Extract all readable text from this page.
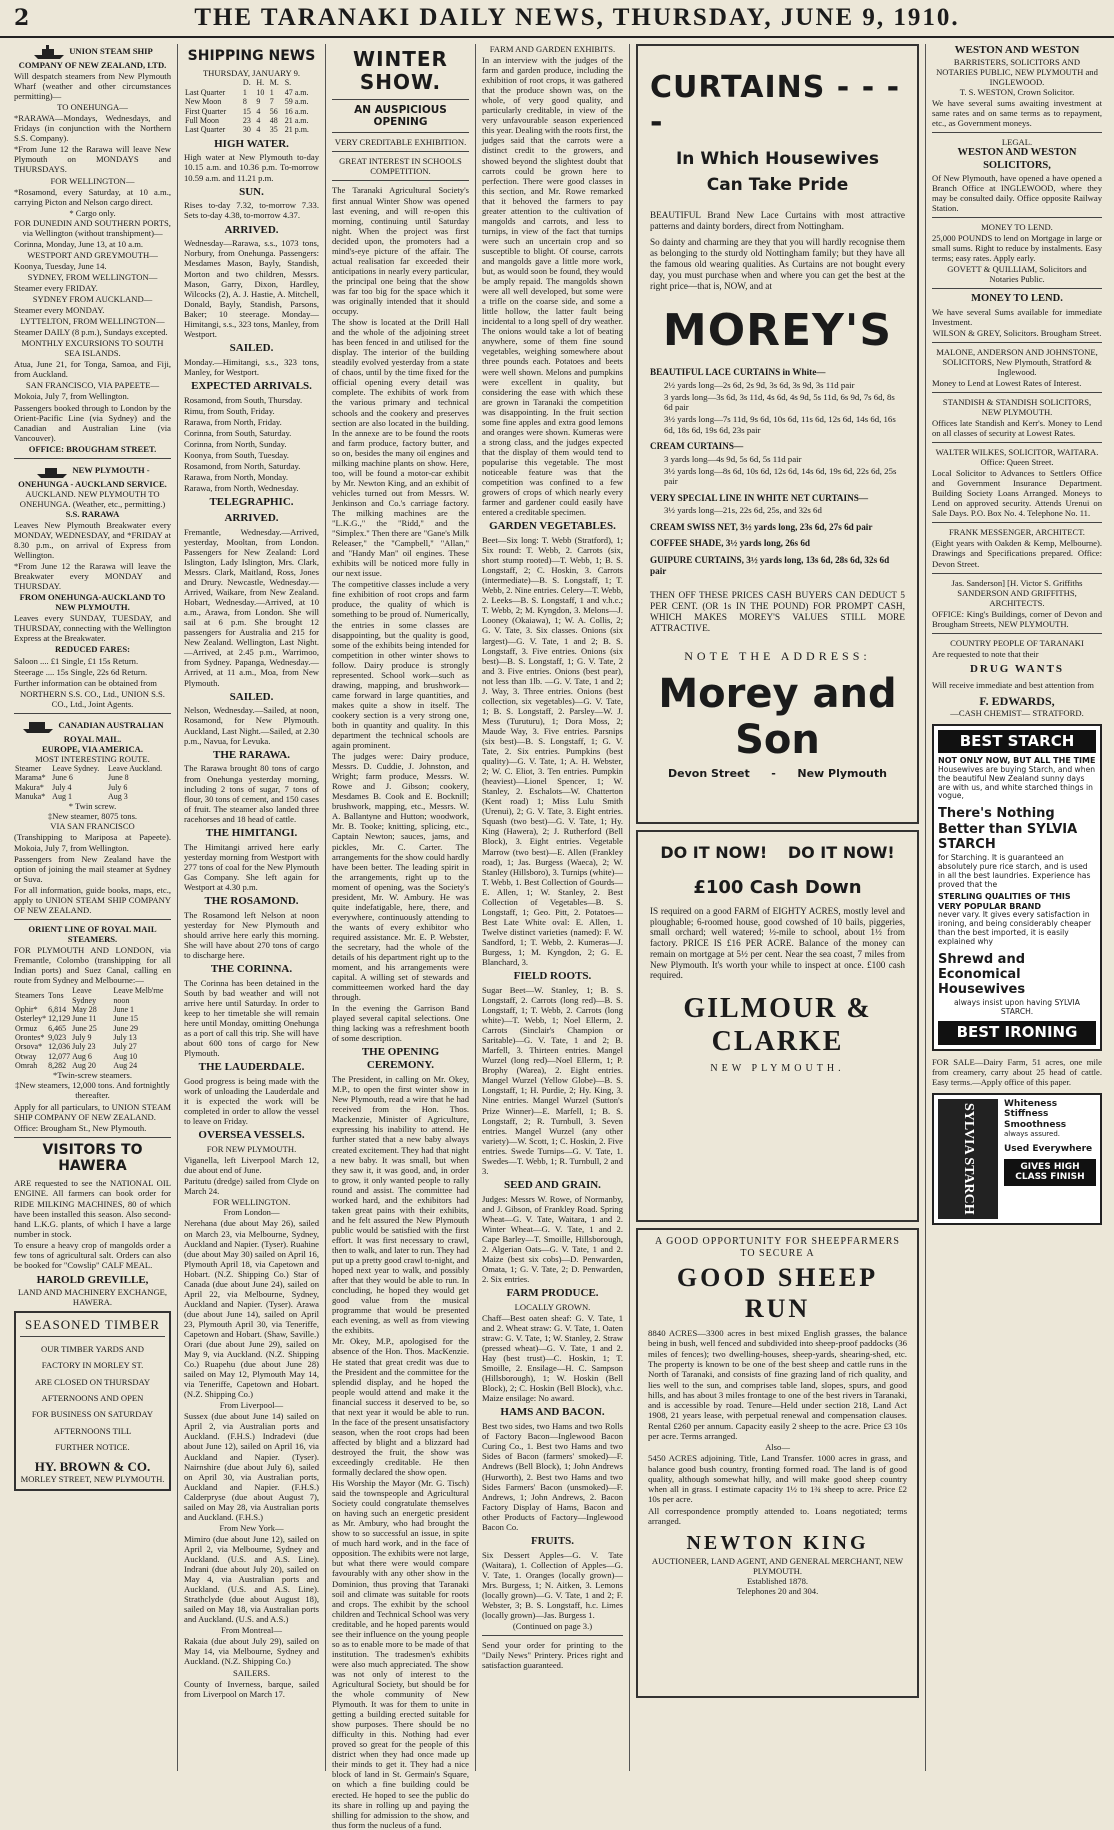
2	THE TARANAKI DAILY NEWS, THURSDAY, JUNE 9, 1910.
UNION STEAM SHIP COMPANY OF NEW ZEALAND, LTD.

Will despatch steamers from New Plymouth Wharf (weather and other circumstances permitting)—

TO ONEHUNGA—

*RARAWA—Mondays, Wednesdays, and Fridays (in conjunction with the Northern S.S. Company).

*From June 12 the Rarawa will leave New Plymouth on MONDAYS and THURSDAYS.

FOR WELLINGTON—

*Rosamond, every Saturday, at 10 a.m., carrying Picton and Nelson cargo direct.

* Cargo only.
FOR DUNEDIN AND SOUTHERN PORTS, via Wellington (without transhipment)—

Corinna, Monday, June 13, at 10 a.m.

WESTPORT AND GREYMOUTH—

Koonya, Tuesday, June 14.

SYDNEY, FROM WELLINGTON—

Steamer every FRIDAY.

SYDNEY FROM AUCKLAND—

Steamer every MONDAY.

LYTTELTON, FROM WELLINGTON—

Steamer DAILY (8 p.m.), Sundays excepted.

MONTHLY EXCURSIONS TO SOUTH SEA ISLANDS.

Atua, June 21, for Tonga, Samoa, and Fiji, from Auckland.

SAN FRANCISCO, VIA PAPEETE—

Mokoia, July 7, from Wellington.

Passengers booked through to London by the Orient-Pacific Line (via Sydney) and the Canadian and Australian Line (via Vancouver).

OFFICE: BROUGHAM STREET.
NEW PLYMOUTH - ONEHUNGA - AUCKLAND SERVICE.
AUCKLAND. NEW PLYMOUTH TO ONEHUNGA. (Weather, etc., permitting.)
S.S. RARAWA

Leaves New Plymouth Breakwater every MONDAY, WEDNESDAY, and *FRIDAY at 8.30 p.m., on arrival of Express from Wellington.

*From June 12 the Rarawa will leave the Breakwater every MONDAY and THURSDAY.

FROM ONEHUNGA-AUCKLAND TO NEW PLYMOUTH.

Leaves every SUNDAY, TUESDAY, and THURSDAY, connecting with the Wellington Express at the Breakwater.

REDUCED FARES:

Saloon .... £1 Single, £1 15s Return.

Steerage .... 15s Single, 22s 6d Return.

Further information can be obtained from

NORTHERN S.S. CO., Ltd., UNION S.S. CO., Ltd., Joint Agents.
CANADIAN AUSTRALIAN ROYAL MAIL.
EUROPE, VIA AMERICA.
MOST INTERESTING ROUTE.
Steamer	Leave Sydney.	Leave Auckland.
Marama*	June 6	June 8
Makura*	July 4	July 6
Manuka*	Aug 1	Aug 3
* Twin screw.
‡New steamer, 8075 tons.
VIA SAN FRANCISCO

(Transhipping to Mariposa at Papeete). Mokoia, July 7, from Wellington.

Passengers from New Zealand have the option of joining the mail steamer at Sydney or Suva.

For all information, guide books, maps, etc., apply to UNION STEAM SHIP COMPANY OF NEW ZEALAND.

ORIENT LINE OF ROYAL MAIL STEAMERS.

FOR PLYMOUTH AND LONDON, via Fremantle, Colombo (transhipping for all Indian ports) and Suez Canal, calling en route from Sydney and Melbourne:—

Steamers	Tons	Leave Sydney	Leave Melb'rne noon
Ophir*	6,814	May 28	June 1
Osterley*	12,129	June 11	June 15
Ormuz	6,465	June 25	June 29
Orontes*	9,023	July 9	July 13
Orsova*	12,036	July 23	July 27
Otway	12,077	Aug 6	Aug 10
Omrah	8,282	Aug 20	Aug 24
*Twin-screw steamers.
‡New steamers, 12,000 tons. And fortnightly thereafter.

Apply for all particulars, to UNION STEAM SHIP COMPANY OF NEW ZEALAND.

Office: Brougham St., New Plymouth.

VISITORS TO HAWERA

ARE requested to see the NATIONAL OIL ENGINE. All farmers can book order for RIDE MILKING MACHINES, 80 of which have been installed this season. Also second-hand L.K.G. plants, of which I have a large number in stock.

To ensure a heavy crop of mangolds order a few tons of agricultural salt. Orders can also be booked for "Cowslip" CALF MEAL.

HAROLD GREVILLE,
LAND AND MACHINERY EXCHANGE, HAWERA.
SEASONED TIMBER
OUR TIMBER YARDS AND
FACTORY IN MORLEY ST.
ARE CLOSED ON THURSDAY
AFTERNOONS AND OPEN
FOR BUSINESS ON SATURDAY AFTERNOONS TILL
FURTHER NOTICE.
HY. BROWN & CO.
MORLEY STREET, NEW PLYMOUTH.
SHIPPING NEWS
THURSDAY, JANUARY 9.
	D.	H.	M.	S.
Last Quarter	1	10	1	47 a.m.
New Moon	8	9	7	59 a.m.
First Quarter	15	4	56	16 a.m.
Full Moon	23	4	48	21 a.m.
Last Quarter	30	4	35	21 p.m.
HIGH WATER.

High water at New Plymouth to-day 10.15 a.m. and 10.36 p.m. To-morrow 10.59 a.m. and 11.21 p.m.

SUN.

Rises to-day 7.32, to-morrow 7.33. Sets to-day 4.38, to-morrow 4.37.

ARRIVED.

Wednesday—Rarawa, s.s., 1073 tons, Norbury, from Onehunga. Passengers: Mesdames Mason, Bayly, Standish, Morton and two children, Messrs. Mason, Garry, Dixon, Hardley, Wilcocks (2), A. J. Hastie, A. Mitchell, Donald, Bayly, Standish, Parsons, Baker; 10 steerage. Monday—Himitangi, s.s., 323 tons, Manley, from Westport.

SAILED.

Monday.—Himitangi, s.s., 323 tons, Manley, for Westport.

EXPECTED ARRIVALS.

Rosamond, from South, Thursday.

Rimu, from South, Friday.

Rarawa, from North, Friday.

Corinna, from South, Saturday.

Corinna, from North, Sunday.

Koonya, from South, Tuesday.

Rosamond, from North, Saturday.

Rarawa, from North, Monday.

Rarawa, from North, Wednesday.

TELEGRAPHIC.
ARRIVED.

Fremantle, Wednesday.—Arrived, yesterday, Mooltan, from London. Passengers for New Zealand: Lord Islington, Lady Islington, Mrs. Clark, Messrs. Clark, Maitland, Ross, Jones and Drury. Newcastle, Wednesday.—Arrived, Waikare, from New Zealand. Hobart, Wednesday.—Arrived, at 10 a.m., Arawa, from London. She will sail at 6 p.m. She brought 12 passengers for Australia and 215 for New Zealand. Wellington, Last Night.—Arrived, at 2.45 p.m., Warrimoo, from Sydney. Papanga, Wednesday.—Arrived, at 11 a.m., Moa, from New Plymouth.

SAILED.

Nelson, Wednesday.—Sailed, at noon, Rosamond, for New Plymouth. Auckland, Last Night.—Sailed, at 2.30 p.m., Navua, for Levuka.

THE RARAWA.

The Rarawa brought 80 tons of cargo from Onehunga yesterday morning, including 2 tons of sugar, 7 tons of flour, 30 tons of cement, and 150 cases of fruit. The steamer also landed three racehorses and 18 head of cattle.

THE HIMITANGI.

The Himitangi arrived here early yesterday morning from Westport with 277 tons of coal for the New Plymouth Gas Company. She left again for Westport at 4.30 p.m.

THE ROSAMOND.

The Rosamond left Nelson at noon yesterday for New Plymouth and should arrive here early this morning. She will have about 270 tons of cargo to discharge here.

THE CORINNA.

The Corinna has been detained in the South by bad weather and will not arrive here until Saturday. In order to keep to her timetable she will remain here until Monday, omitting Onehunga as a port of call this trip. She will have about 600 tons of cargo for New Plymouth.

THE LAUDERDALE.

Good progress is being made with the work of unloading the Lauderdale and it is expected the work will be completed in order to allow the vessel to leave on Friday.

OVERSEA VESSELS.
FOR NEW PLYMOUTH.

Viganella, left Liverpool March 12, due about end of June.

Paritutu (dredge) sailed from Clyde on March 24.

FOR WELLINGTON.
From London—

Nerehana (due about May 26), sailed on March 23, via Melbourne, Sydney, Auckland and Napier. (Tyser). Ruahine (due about May 30) sailed on April 16, Plymouth April 18, via Capetown and Hobart. (N.Z. Shipping Co.) Star of Canada (due about June 24), sailed on April 22, via Melbourne, Sydney, Auckland and Napier. (Tyser). Arawa (due about June 14), sailed on April 23, Plymouth April 30, via Teneriffe, Capetown and Hobart. (Shaw, Saville.) Orari (due about June 29), sailed on May 9, via Auckland. (N.Z. Shipping Co.) Ruapehu (due about June 28) sailed on May 12, Plymouth May 14, via Teneriffe, Capetown and Hobart. (N.Z. Shipping Co.)

From Liverpool—

Sussex (due about June 14) sailed on April 2, via Australian ports and Auckland. (F.H.S.) Indradevi (due about June 12), sailed on April 16, via Auckland and Napier. (Tyser). Nairnshire (due about July 6), sailed on April 30, via Australian ports, Auckland and Napier. (F.H.S.) Calderpryse (due about August 7), sailed on May 28, via Australian ports and Auckland. (F.H.S.)

From New York—

Mimiro (due about June 12), sailed on April 2, via Melbourne, Sydney and Auckland. (U.S. and A.S. Line). Indrani (due about July 20), sailed on May 4, via Australian ports and Auckland. (U.S. and A.S. Line). Strathclyde (due about August 18), sailed on May 18, via Australian ports and Auckland. (U.S. and A.S.)

From Montreal—

Rakaia (due about July 29), sailed on May 14, via Melbourne, Sydney and Auckland. (N.Z. Shipping Co.)

SAILERS.

County of Inverness, barque, sailed from Liverpool on March 17.

WINTER SHOW.
AN AUSPICIOUS OPENING
VERY CREDITABLE EXHIBITION.
GREAT INTEREST IN SCHOOLS COMPETITION.

The Taranaki Agricultural Society's first annual Winter Show was opened last evening, and will re-open this morning, continuing until Saturday night. When the project was first decided upon, the promoters had a mind's-eye picture of the affair. The actual realisation far exceeded their anticipations in nearly every particular, the principal one being that the show was far too big for the space which it was originally intended that it should occupy.

The show is located at the Drill Hall and the whole of the adjoining street has been fenced in and utilised for the display. The interior of the building steadily evolved yesterday from a state of chaos, until by the time fixed for the official opening every detail was complete. The exhibits of work from the various primary and technical schools and the cookery and preserves section are also located in the building. In the annexe are to be found the roots and farm produce, factory butter, and so on, besides the many oil engines and milking machine plants on show. Here, too, will be found a motor-car exhibit by Mr. Newton King, and an exhibit of vehicles turned out from Messrs. W. Jenkinson and Co.'s carriage factory. The milking machines are the "L.K.G.," the "Ridd," and the "Simplex." Then there are "Gane's Milk Releaser," the "Campbell," "Allan," and "Handy Man" oil engines. These exhibits will be noticed more fully in our next issue.

The competitive classes include a very fine exhibition of root crops and farm produce, the quality of which is something to be proud of. Numerically, the entries in some classes are disappointing, but the quality is good, some of the exhibits being intended for competition in other winter shows to follow. Dairy produce is strongly represented. School work—such as drawing, mapping, and brushwork—came forward in large quantities, and makes quite a show in itself. The cookery section is a very strong one, both in quantity and quality. In this department the technical schools are again prominent.

The judges were: Dairy produce, Messrs. D. Cuddie, J. Johnston, and Wright; farm produce, Messrs. W. Rowe and J. Gibson; cookery, Mesdames B. Cook and E. Bocknill; brushwork, mapping, etc., Messrs. W. A. Ballantyne and Hutton; woodwork, Mr. B. Tooke; knitting, splicing, etc., Captain Newton; sauces, jams, and pickles, Mr. C. Carter. The arrangements for the show could hardly have been better. The leading spirit in the arrangements, right up to the moment of opening, was the Society's president, Mr. W. Ambury. He was quite indefatigable, here, there, and everywhere, continuously attending to the wants of every exhibitor who required assistance. Mr. E. P. Webster, the secretary, had the whole of the details of his department right up to the moment, and his arrangements were capital. A willing set of stewards and committeemen worked hard the day through.

In the evening the Garrison Band played several capital selections. One thing lacking was a refreshment booth of some description.

THE OPENING CEREMONY.

The President, in calling on Mr. Okey, M.P., to open the first winter show in New Plymouth, read a wire that he had received from the Hon. Thos. Mackenzie, Minister of Agriculture, expressing his inability to attend. He further stated that a new baby always created excitement. They had that night a new baby. It was small, but when they saw it, it was good, and, in order to grow, it only wanted people to rally round and assist. The committee had worked hard, and the exhibitors had taken great pains with their exhibits, and he felt assured the New Plymouth public would be satisfied with the first effort. It was first necessary to crawl, then to walk, and later to run. They had put up a pretty good crawl to-night, and hoped next year to walk, and possibly after that they would be able to run. In concluding, he hoped they would get good value from the musical programme that would be presented each evening, as well as from viewing the exhibits.

Mr. Okey, M.P., apologised for the absence of the Hon. Thos. MacKenzie. He stated that great credit was due to the President and the committee for the splendid display, and he hoped the people would attend and make it the financial success it deserved to be, so that next year it would be able to run. In the face of the present unsatisfactory season, when the root crops had been affected by blight and a blizzard had destroyed the fruit, the show was exceedingly creditable. He then formally declared the show open.

His Worship the Mayor (Mr. G. Tisch) said the townspeople and Agricultural Society could congratulate themselves on having such an energetic president as Mr. Ambury, who had brought the show to so successful an issue, in spite of much hard work, and in the face of opposition. The exhibits were not large, but what there were would compare favourably with any other show in the Dominion, thus proving that Taranaki soil and climate was suitable for roots and crops. The exhibit by the school children and Technical School was very creditable, and he hoped parents would see their influence on the young people so as to enable more to be made of that institution. The tradesmen's exhibits were also much appreciated. The show was not only of interest to the Agricultural Society, but should be for the whole community of New Plymouth. It was for them to unite in getting a building erected suitable for show purposes. There should be no difficulty in this. Nothing had ever proved so great for the people of this district when they had once made up their minds to get it. They had a nice block of land in St. Germain's Square, on which a fine building could be erected. He hoped to see the public do its share in rolling up and paying the shilling for admission to the show, and thus form the nucleus of a fund.

FARM AND GARDEN EXHIBITS.

In an interview with the judges of the farm and garden produce, including the exhibition of root crops, it was gathered that the produce shown was, on the whole, of very good quality, and particularly creditable, in view of the very unfavourable season experienced this year. Dealing with the roots first, the judges said that the carrots were a distinct credit to the growers, and showed beyond the slightest doubt that carrots could be grown here to perfection. There were good classes in this section, and Mr. Rowe remarked that it behoved the farmers to pay greater attention to the cultivation of mangolds and carrots, and less to turnips, in view of the fact that turnips were such an uncertain crop and so susceptible to blight. Of course, carrots and mangolds gave a little more work, but, as would soon be found, they would be amply repaid. The mangolds shown were all well developed, but some were a trifle on the coarse side, and some a little hollow, the latter fault being incidental to a long spell of dry weather. The onions would take a lot of beating anywhere, some of them fine sound vegetables, weighing somewhere about three pounds each. Potatoes and beets were well shown. Melons and pumpkins were excellent in quality, but considering the ease with which these are grown in Taranaki the competition was disappointing. In the fruit section some fine apples and extra good lemons and oranges were shown. Kumeras were a strong class, and the judges expected that the display of them would tend to popularise this vegetable. The most noticeable feature was that the competition was confined to a few growers of crops of which nearly every farmer and gardener could easily have entered a creditable specimen.

GARDEN VEGETABLES.

Beet—Six long: T. Webb (Stratford), 1; Six round: T. Webb, 2. Carrots (six, short stump rooted)—T. Webb, 1; B. S. Longstaff, 2; C. Hoskin, 3. Carrots (intermediate)—B. S. Longstaff, 1; T. Webb, 2. Nine entries. Celery—T. Webb, 2. Leeks—B. S. Longstaff, 1 and v.h.c.; T. Webb, 2; M. Kyngdon, 3. Melons—J. Looney (Okaiawa), 1; W. A. Collis, 2; G. V. Tate, 3. Six classes. Onions (six largest)—G. V. Tate, 1 and 2; B. S. Longstaff, 3. Five entries. Onions (six best)—B. S. Longstaff, 1; G. V. Tate, 2 and 3. Five entries. Onions (best pear), not less than 1lb. —G. V. Tate, 1 and 2; J. Way, 3. Three entries. Onions (best collection, six vegetables)—G. V. Tate, 1; B. S. Longstaff, 2. Parsley—W. J. Mess (Turuturu), 1; Dora Moss, 2; Maude Way, 3. Five entries. Parsnips (six best)—B. S. Longstaff, 1; G. V. Tate, 2. Six entries. Pumpkins (best quality)—G. V. Tate, 1; A. H. Webster, 2; W. C. Eliot, 3. Ten entries. Pumpkin (heaviest)—Lionel Spencer, 1; W. Stanley, 2. Eschalots—W. Chatterton (Kent road) 1; Miss Lulu Smith (Urenui), 2; G. V. Tate, 3. Eight entries. Squash (two best)—G. V. Tate, 1; Hy. King (Hawera), 2; J. Rutherford (Bell Block), 3. Eight entries. Vegetable Marrow (two best)—E. Allen (Frankley road), 1; Jas. Burgess (Waeca), 2; W. Stanley (Hillsboro), 3. Turnips (white)—T. Webb, 1. Best Collection of Gourds—E. Allen, 1; W. Stanley, 2. Best Collection of Vegetables—B. S. Longstaff, 1; Geo. Pitt, 2. Potatoes—Best Late White oval: E. Allen, 1. Twelve distinct varieties (named): F. W. Sandford, 1; T. Webb, 2. Kumeras—J. Burgess, 1; M. Kyngdon, 2; G. E. Blanchard, 3.

FIELD ROOTS.

Sugar Beet—W. Stanley, 1; B. S. Longstaff, 2. Carrots (long red)—B. S. Longstaff, 1; T. Webb, 2. Carrots (long white)—T. Webb, 1; Noel Ellerm, 2. Carrots (Sinclair's Champion or Saritable)—G. V. Tate, 1 and 2; B. Marfell, 3. Thirteen entries. Mangel Wurzel (long red)—Noel Ellerm, 1; P. Brophy (Warea), 2. Eight entries. Mangel Wurzel (Yellow Globe)—B. S. Longstaff, 1; H. Purdie, 2; Hy. King, 3. Nine entries. Mangel Wurzel (Sutton's Prize Winner)—E. Marfell, 1; B. S. Longstaff, 2; R. Turnbull, 3. Seven entries. Mangel Wurzel (any other variety)—W. Scott, 1; C. Hoskin, 2. Five entries. Swede Turnips—G. V. Tate, 1. Swedes—T. Webb, 1; R. Turnbull, 2 and 3.

SEED AND GRAIN.

Judges: Messrs W. Rowe, of Normanby, and J. Gibson, of Frankley Road. Spring Wheat—G. V. Tate, Waitara, 1 and 2. Winter Wheat—G. V. Tate, 1 and 2. Cape Barley—T. Smoille, Hillsborough, 2. Algerian Oats—G. V. Tate, 1 and 2. Maize (best six cobs)—D. Penwarden, Omata, 1; G. V. Tate, 2; D. Penwarden, 2. Six entries.

FARM PRODUCE.
LOCALLY GROWN.

Chaff—Best oaten sheaf: G. V. Tate, 1 and 2. Wheat straw: G. V. Tate, 1. Oaten straw: G. V. Tate, 1; W. Stanley, 2. Straw (pressed wheat)—G. V. Tate, 1 and 2. Hay (best trust)—C. Hoskin, 1; T. Smoille, 2. Ensilage—H. C. Sampson (Hillsborough), 1; W. Hoskin (Bell Block), 2; C. Hoskin (Bell Block), v.h.c. Maize ensilage: No award.

HAMS AND BACON.

Best two sides, two Hams and two Rolls of Factory Bacon—Inglewood Bacon Curing Co., 1. Best two Hams and two Sides of Bacon (farmers' smoked)—F. Andrews (Bell Block), 1; John Andrews (Hurworth), 2. Best two Hams and two Sides Farmers' Bacon (unsmoked)—F. Andrews, 1; John Andrews, 2. Bacon Factory Display of Hams, Bacon and other Products of Factory—Inglewood Bacon Co.

FRUITS.

Six Dessert Apples—G. V. Tate (Waitara), 1. Collection of Apples—G. V. Tate, 1. Oranges (locally grown)—Mrs. Burgess, 1; N. Aitken, 3. Lemons (locally grown)—G. V. Tate, 1 and 2; F. Webster, 3; B. S. Longstaff, h.c. Limes (locally grown)—Jas. Burgess 1.

(Continued on page 3.)

Send your order for printing to the "Daily News" Printery. Prices right and satisfaction guaranteed.

CURTAINS - - - -
In Which Housewives
Can Take Pride

BEAUTIFUL Brand New Lace Curtains with most attractive patterns and dainty borders, direct from Nottingham.

So dainty and charming are they that you will hardly recognise them as belonging to the sturdy old Nottingham family; but they have all the famous old wearing qualities. As Curtains are not bought every day, you must purchase when and where you can get the best at the right price—that is, NOW, and at

MOREY'S
BEAUTIFUL LACE CURTAINS in White—
2½ yards long—2s 6d, 2s 9d, 3s 6d, 3s 9d, 3s 11d pair
3 yards long—3s 6d, 3s 11d, 4s 6d, 4s 9d, 5s 11d, 6s 9d, 7s 6d, 8s 6d pair
3½ yards long—7s 11d, 9s 6d, 10s 6d, 11s 6d, 12s 6d, 14s 6d, 16s 6d, 18s 6d, 19s 6d, 23s pair
CREAM CURTAINS—
3 yards long—4s 9d, 5s 6d, 5s 11d pair
3½ yards long—8s 6d, 10s 6d, 12s 6d, 14s 6d, 19s 6d, 22s 6d, 25s pair
VERY SPECIAL LINE IN WHITE NET CURTAINS—
3½ yards long—21s, 22s 6d, 25s, and 32s 6d
CREAM SWISS NET, 3½ yards long, 23s 6d, 27s 6d pair
COFFEE SHADE, 3½ yards long, 26s 6d
GUIPURE CURTAINS, 3½ yards long, 13s 6d, 28s 6d, 32s 6d pair

THEN OFF THESE PRICES CASH BUYERS CAN DEDUCT 5 PER CENT. (OR 1s IN THE POUND) FOR PROMPT CASH, WHICH MAKES MOREY'S VALUES STILL MORE ATTRACTIVE.

NOTE THE ADDRESS:
Morey and Son
Devon Street - New Plymouth
DO IT NOW! DO IT NOW!
£100 Cash Down

IS required on a good FARM of EIGHTY ACRES, mostly level and ploughable; 6-roomed house, good cowshed of 10 bails, piggeries, small orchard; well watered; ½-mile to school, about 1½ from factory. PRICE IS £16 PER ACRE. Balance of the money can remain on mortgage at 5½ per cent. Near the sea coast, 7 miles from New Plymouth. It's worth your while to inspect at once. £100 cash required.

GILMOUR & CLARKE
NEW PLYMOUTH.
A GOOD OPPORTUNITY FOR SHEEPFARMERS TO SECURE A
GOOD SHEEP RUN

8840 ACRES—3300 acres in best mixed English grasses, the balance being in bush, well fenced and subdivided into sheep-proof paddocks (36 miles of fences); two dwelling-houses, sheep-yards, shearing-shed, etc. The property is known to be one of the best sheep and cattle runs in the North of Taranaki, and consists of fine grazing land of rich quality, and lies well to the sun, and comprises table land, slopes, spurs, and good hills, and has about 3 miles frontage to one of the best rivers in Taranaki, and is accessible by road. Tenure—Held under section 218, Land Act 1908, 21 years lease, with perpetual renewal and compensation clauses. Rental £260 per annum. Capacity easily 2 sheep to the acre. Price £3 10s per acre. Terms arranged.

Also—

5450 ACRES adjoining. Title, Land Transfer. 1000 acres in grass, and balance good bush country, fronting formed road. The land is of good quality, although somewhat hilly, and will make good sheep country when all in grass. I estimate capacity 1½ to 1¾ sheep to acre. Price £2 10s per acre.

All correspondence promptly attended to. Loans negotiated; terms arranged.

NEWTON KING
AUCTIONEER, LAND AGENT, AND GENERAL MERCHANT, NEW PLYMOUTH.
Established 1878.
Telephones 20 and 304.
WESTON AND WESTON
BARRISTERS, SOLICITORS AND NOTARIES PUBLIC, NEW PLYMOUTH and INGLEWOOD.
T. S. WESTON, Crown Solicitor.

We have several sums awaiting investment at same rates and on same terms as to repayment, etc., as Government moneys.

LEGAL.
WESTON AND WESTON SOLICITORS,

Of New Plymouth, have opened a have opened a Branch Office at INGLEWOOD, where they may be consulted daily. Office opposite Railway Station.

MONEY TO LEND.

25,000 POUNDS to lend on Mortgage in large or small sums. Right to reduce by instalments. Easy terms; easy rates. Apply early.

GOVETT & QUILLIAM, Solicitors and Notaries Public.
MONEY TO LEND.

We have several Sums available for immediate Investment.

WILSON & GREY, Solicitors. Brougham Street.
MALONE, ANDERSON AND JOHNSTONE, SOLICITORS, New Plymouth, Stratford & Inglewood.

Money to Lend at Lowest Rates of Interest.

STANDISH & STANDISH SOLICITORS, NEW PLYMOUTH.

Offices late Standish and Kerr's. Money to Lend on all classes of security at Lowest Rates.

WALTER WILKES, SOLICITOR, WAITARA. Office: Queen Street.

Local Solicitor to Advances to Settlers Office and Government Insurance Department. Building Society Loans Arranged. Moneys to Lend on approved security. Attends Urenui on Sale Days. P.O. Box No. 4. Telephone No. 11.

FRANK MESSENGER, ARCHITECT.

(Eight years with Oakden & Kemp, Melbourne). Drawings and Specifications prepared. Office: Devon Street.

Jas. Sanderson] [H. Victor S. Griffiths SANDERSON AND GRIFFITHS, ARCHITECTS.

OFFICE: King's Buildings, corner of Devon and Brougham Streets, NEW PLYMOUTH.

COUNTRY PEOPLE OF TARANAKI

Are requested to note that their

DRUG WANTS

Will receive immediate and best attention from

F. EDWARDS,
—CASH CHEMIST— STRATFORD.
BEST STARCH
NOT ONLY NOW, BUT ALL THE TIME
Housewives are buying Starch, and when the beautiful New Zealand sunny days are with us, and white starched things in vogue,
There's Nothing Better than SYLVIA STARCH
for Starching. It is guaranteed an absolutely pure rice starch, and is used in all the best laundries. Experience has proved that the
STERLING QUALITIES OF THIS VERY POPULAR BRAND
never vary. It gives every satisfaction in ironing, and being considerably cheaper than the best imported, it is easily explained why
Shrewd and Economical Housewives
always insist upon having SYLVIA STARCH.
BEST IRONING

FOR SALE—Dairy Farm, 51 acres, one mile from creamery, carry about 25 head of cattle. Easy terms.—Apply office of this paper.

SYLVIA STARCH	Whiteness
Stiffness
Smoothness
always assured.
Used Everywhere
GIVES HIGH CLASS FINISH
